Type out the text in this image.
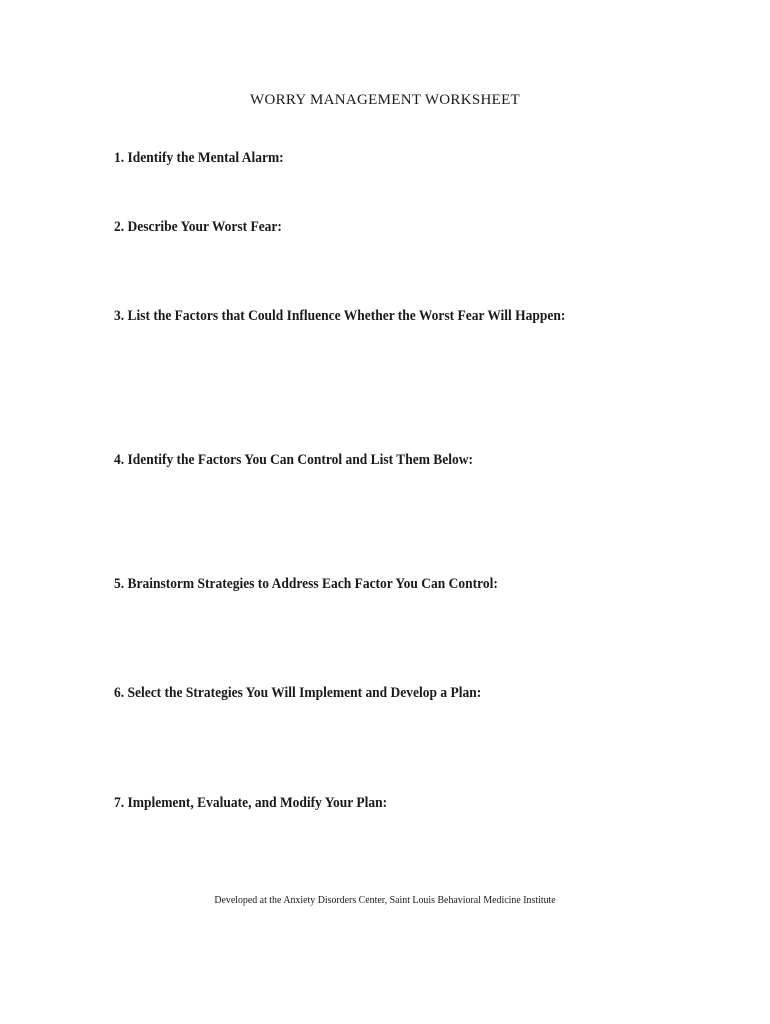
WORRY MANAGEMENT WORKSHEET
1. Identify the Mental Alarm:
2. Describe Your Worst Fear:
3. List the Factors that Could Influence Whether the Worst Fear Will Happen:
4. Identify the Factors You Can Control and List Them Below:
5. Brainstorm Strategies to Address Each Factor You Can Control:
6. Select the Strategies You Will Implement and Develop a Plan:
7. Implement, Evaluate, and Modify Your Plan:
Developed at the Anxiety Disorders Center, Saint Louis Behavioral Medicine Institute
